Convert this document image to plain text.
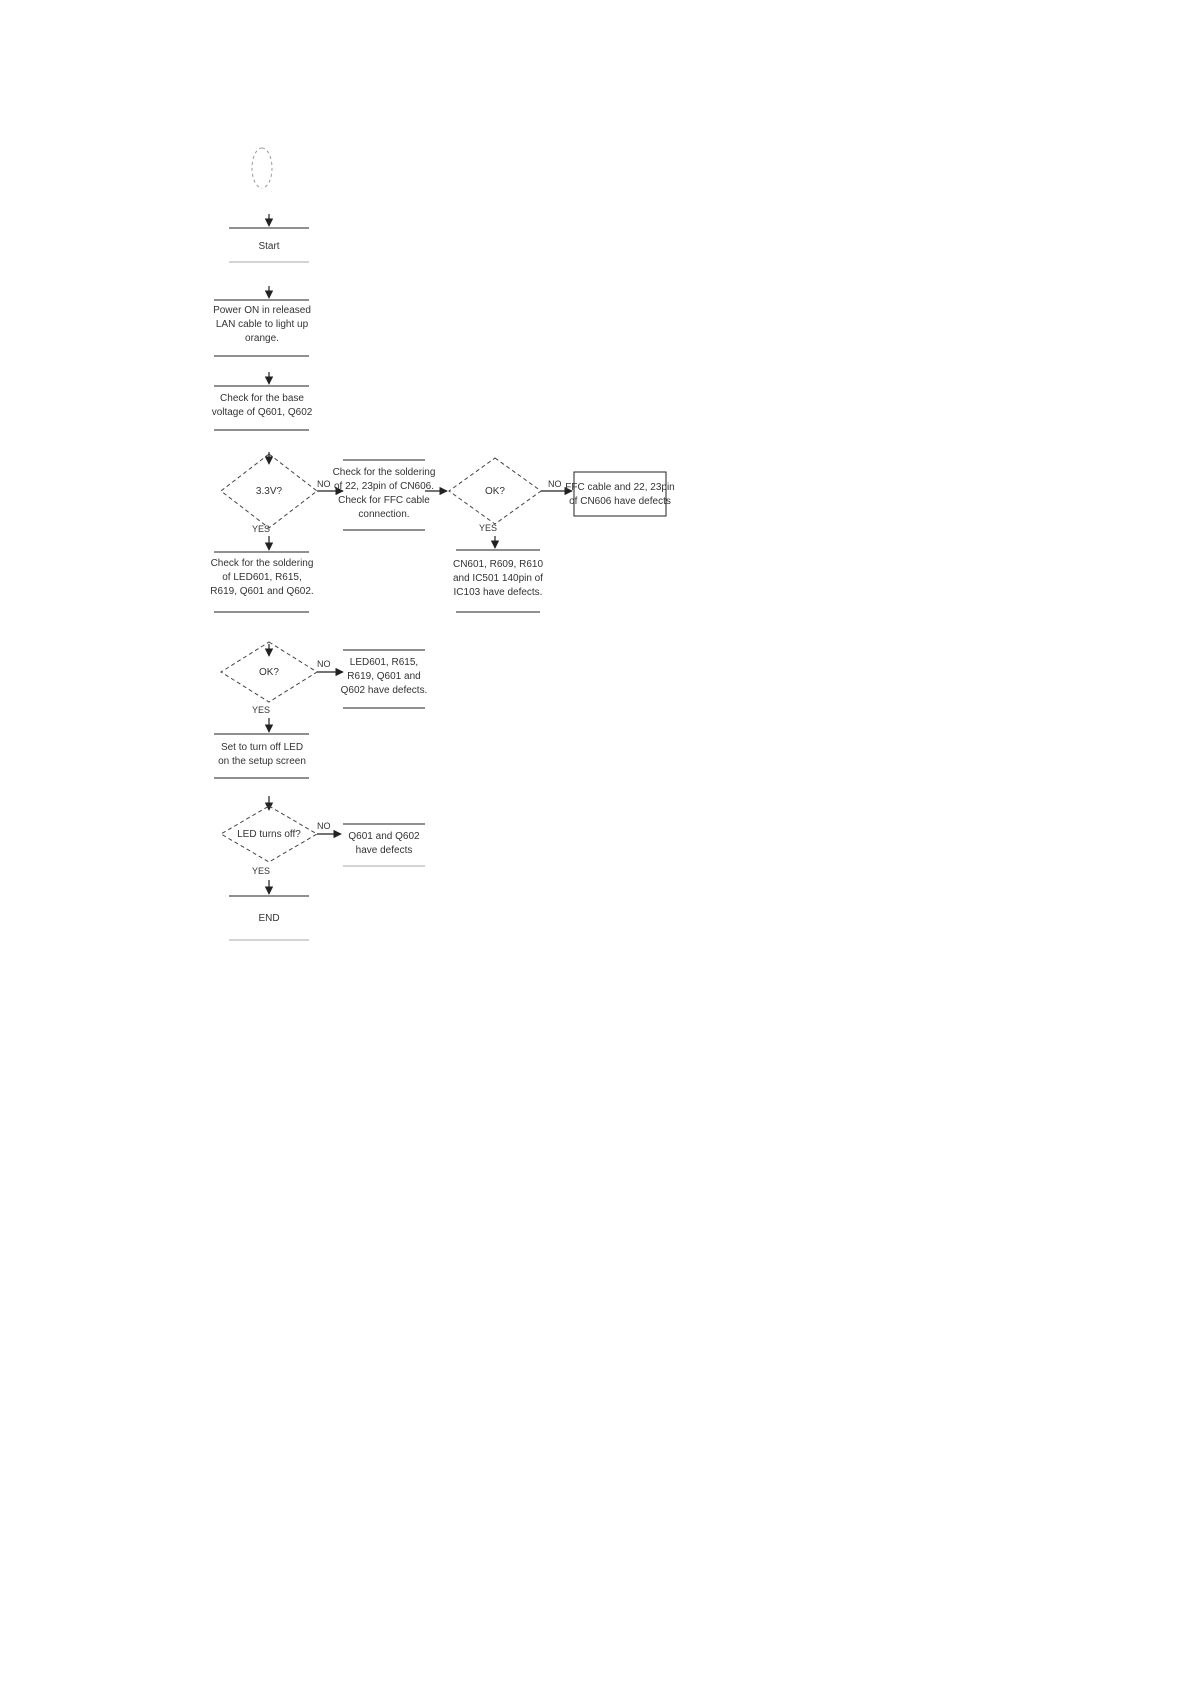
NO
YES
NO
YES
NO
YES
NO
YES
3.3V?	OK?
OK?
LED turns off?
Start
Power ON in released LAN cable to light up orange.
Check for the base voltage of Q601, Q602
Check for the soldering of LED601, R615, R619, Q601 and Q602.
Set to turn off LED on the setup screen
END
Check for the soldering of 22, 23pin of CN606. Check for FFC cable connection.
FFC cable and 22, 23pin of CN606 have defects
CN601, R609, R610 and IC501 140pin of IC103 have defects.
LED601, R615, R619, Q601 and Q602 have defects.
Q601 and Q602 have defects
